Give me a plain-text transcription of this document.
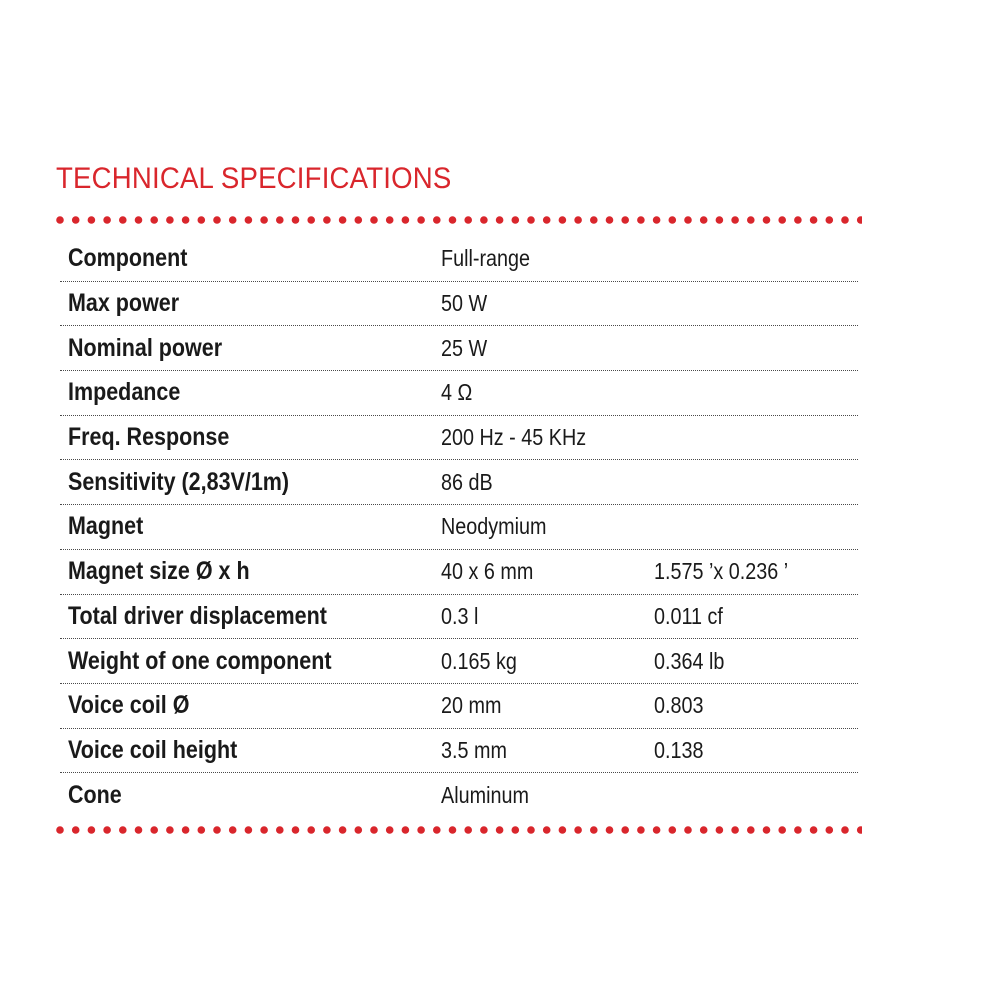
TECHNICAL SPECIFICATIONS
Component	Full-range
Max power	50 W
Nominal power	25 W
Impedance	4 Ω
Freq. Response	200 Hz - 45 KHz
Sensitivity (2,83V/1m)	86 dB
Magnet	Neodymium
Magnet size Ø x h	40 x 6 mm	1.575 ’x 0.236 ’
Total driver displacement	0.3 l	0.011 cf
Weight of one component	0.165 kg	0.364 lb
Voice coil Ø	20 mm	0.803
Voice coil height	3.5 mm	0.138
Cone	Aluminum
